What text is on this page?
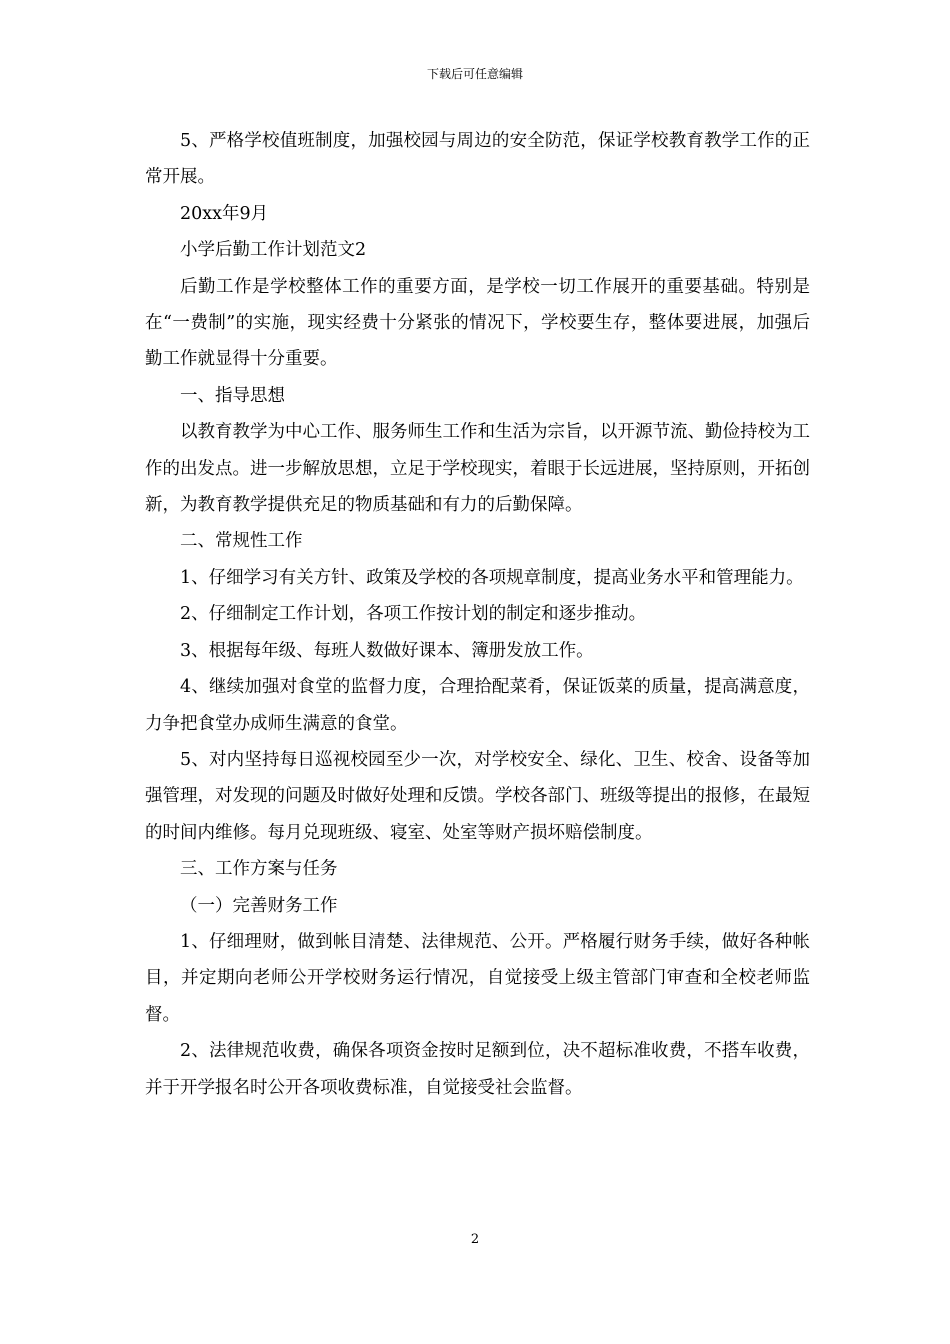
下载后可任意编辑

5、严格学校值班制度，加强校园与周边的安全防范，保证学校教育教学工作的正常开展。

20xx年9月

小学后勤工作计划范文2

后勤工作是学校整体工作的重要方面，是学校一切工作展开的重要基础。特别是在“一费制”的实施，现实经费十分紧张的情况下，学校要生存，整体要进展，加强后勤工作就显得十分重要。

一、指导思想

以教育教学为中心工作、服务师生工作和生活为宗旨，以开源节流、勤俭持校为工作的出发点。进一步解放思想，立足于学校现实，着眼于长远进展，坚持原则，开拓创新，为教育教学提供充足的物质基础和有力的后勤保障。

二、常规性工作

1、仔细学习有关方针、政策及学校的各项规章制度，提高业务水平和管理能力。

2、仔细制定工作计划，各项工作按计划的制定和逐步推动。

3、根据每年级、每班人数做好课本、簿册发放工作。

4、继续加强对食堂的监督力度，合理拾配菜肴，保证饭菜的质量，提高满意度，力争把食堂办成师生满意的食堂。

5、对内坚持每日巡视校园至少一次，对学校安全、绿化、卫生、校舍、设备等加强管理，对发现的问题及时做好处理和反馈。学校各部门、班级等提出的报修，在最短的时间内维修。每月兑现班级、寝室、处室等财产损坏赔偿制度。

三、工作方案与任务

（一）完善财务工作

1、仔细理财，做到帐目清楚、法律规范、公开。严格履行财务手续，做好各种帐目，并定期向老师公开学校财务运行情况，自觉接受上级主管部门审查和全校老师监督。

2、法律规范收费，确保各项资金按时足额到位，决不超标准收费，不搭车收费，并于开学报名时公开各项收费标准，自觉接受社会监督。

2
